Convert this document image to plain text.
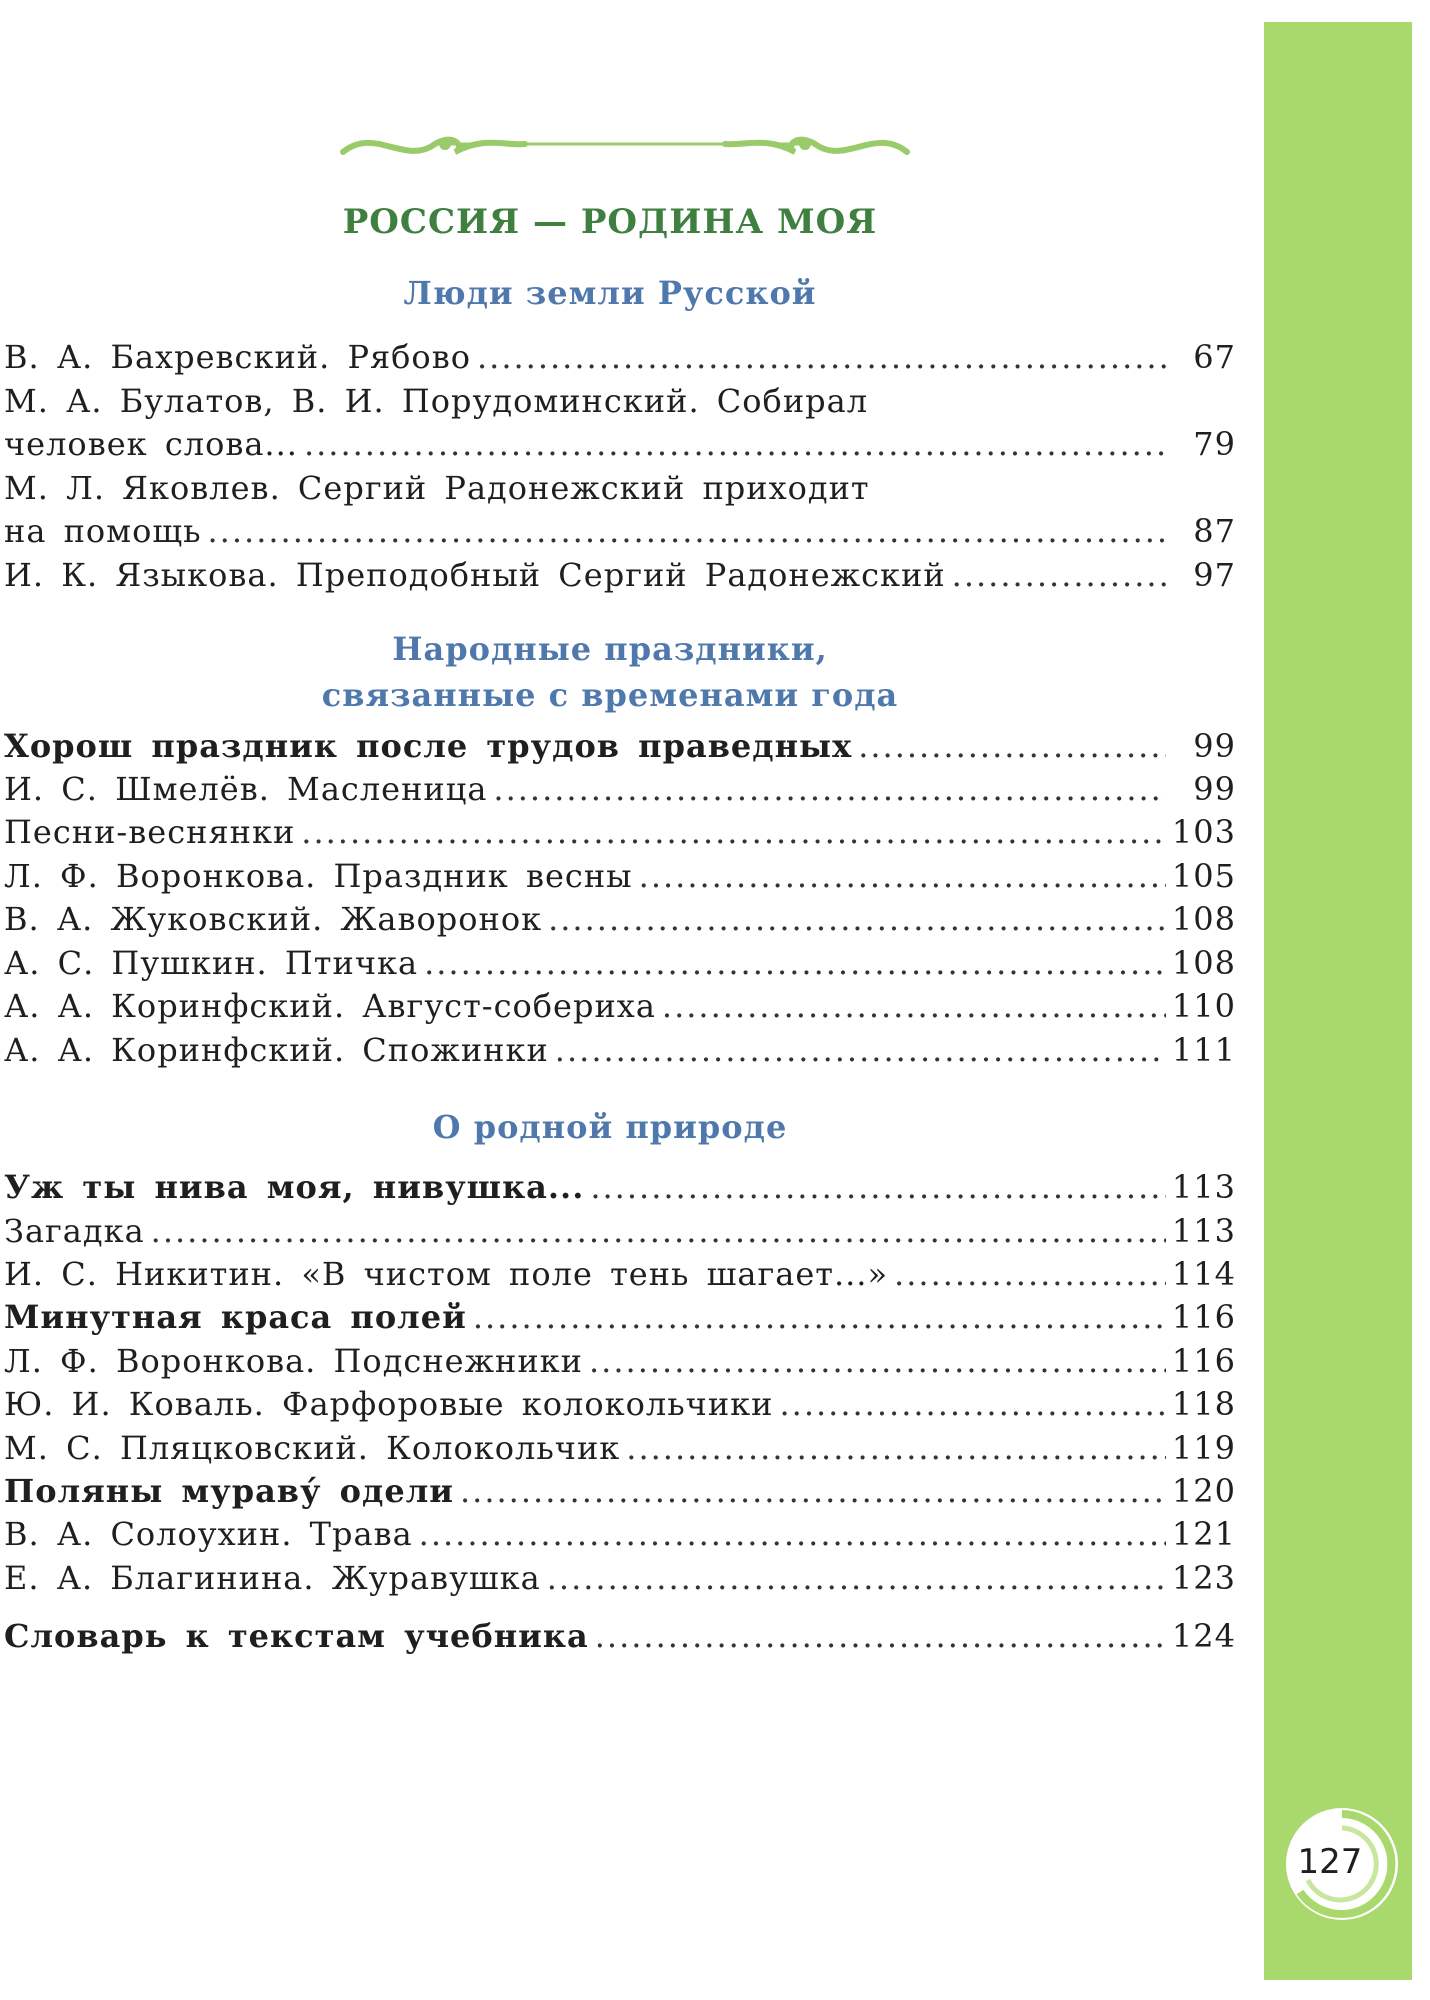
127
РОССИЯ — РОДИНА МОЯ
Люди земли Русской
В. А. Бахревский. Рябово .....	67
М. А. Булатов, В. И. Порудоминский. Собирал
человек слова... .....	79
М. Л. Яковлев. Сергий Радонежский приходит
на помощь .....	87
И. К. Языкова. Преподобный Сергий Радонежский .....	97
Народные праздники,
связанные с временами года
Хорош праздник после трудов праведных .....	99
И. С. Шмелёв. Масленица .....	99
Песни-веснянки .....	103
Л. Ф. Воронкова. Праздник весны .....	105
В. А. Жуковский. Жаворонок .....	108
А. С. Пушкин. Птичка .....	108
А. А. Коринфский. Август-собериха .....	110
А. А. Коринфский. Спожинки .....	111
О родной природе
Уж ты нива моя, нивушка... .....	113
Загадка .....	113
И. С. Никитин. «В чистом поле тень шагает...» .....	114
Минутная краса полей .....	116
Л. Ф. Воронкова. Подснежники .....	116
Ю. И. Коваль. Фарфоровые колокольчики .....	118
М. С. Пляцковский. Колокольчик .....	119
Поляны мураву́ одели .....	120
В. А. Солоухин. Трава .....	121
Е. А. Благинина. Журавушка .....	123
Словарь к текстам учебника .....	124
